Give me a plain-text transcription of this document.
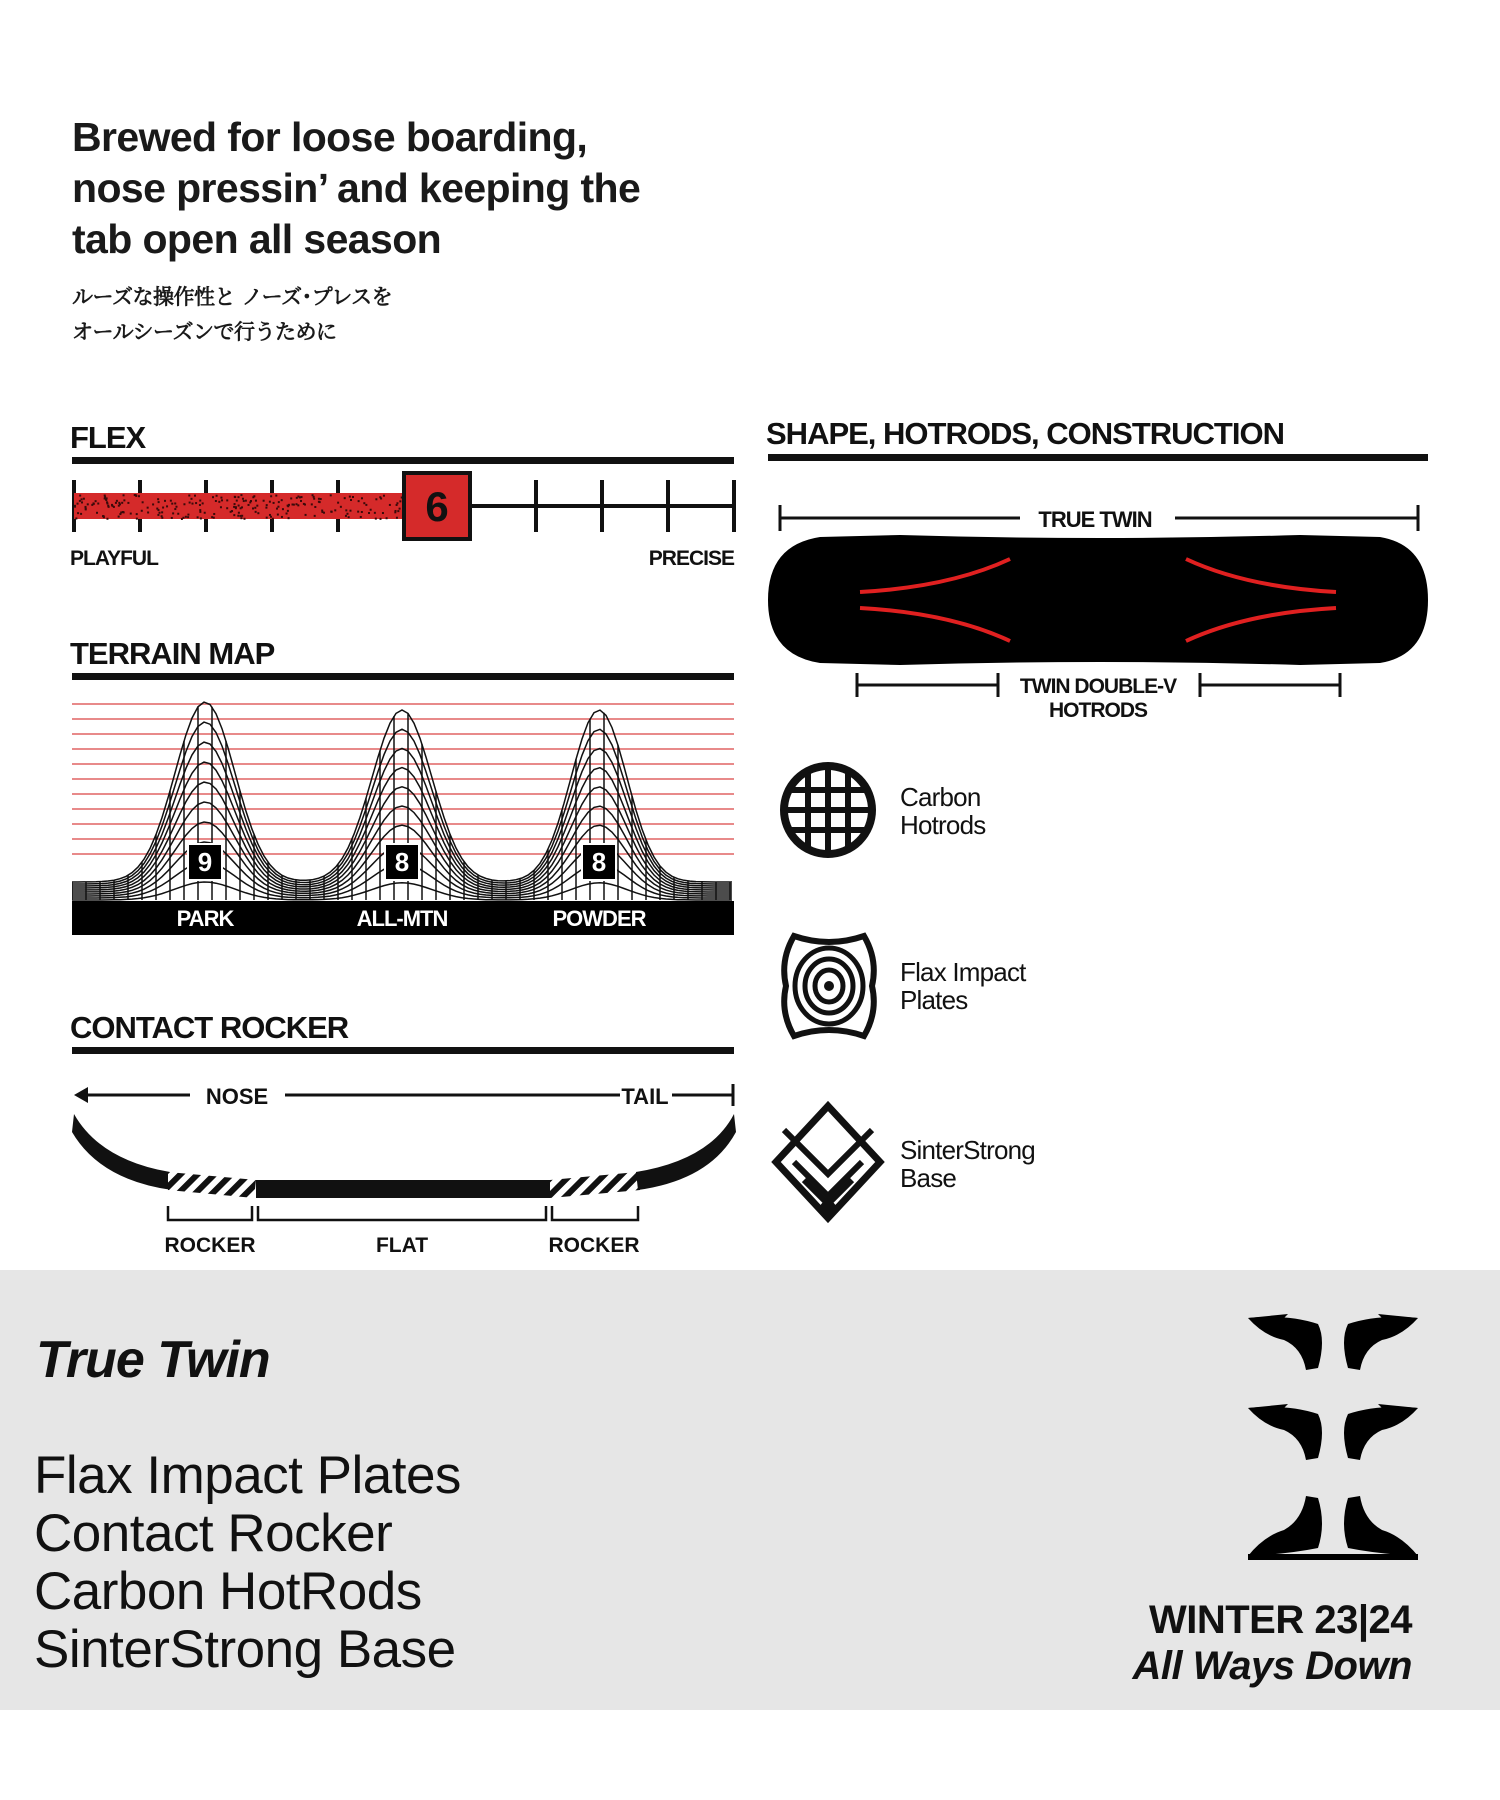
Brewed for loose boarding,
nose pressin’ and keeping the
tab open all season
ルーズな操作性と ノーズ･プレスを
オールシーズンで行うために
FLEX
6
PLAYFUL	PRECISE
TERRAIN MAP
9
PARK
8
ALL-MTN
8
POWDER
CONTACT ROCKER
NOSE	TAIL
ROCKER	FLAT	ROCKER
SHAPE, HOTRODS, CONSTRUCTION
TRUE TWIN
TWIN DOUBLE-V
HOTRODS
Carbon
Hotrods
Flax Impact
Plates
SinterStrong
Base
True Twin
Flax Impact Plates
Contact Rocker
Carbon HotRods
SinterStrong Base	WINTER 23|24
All Ways Down
